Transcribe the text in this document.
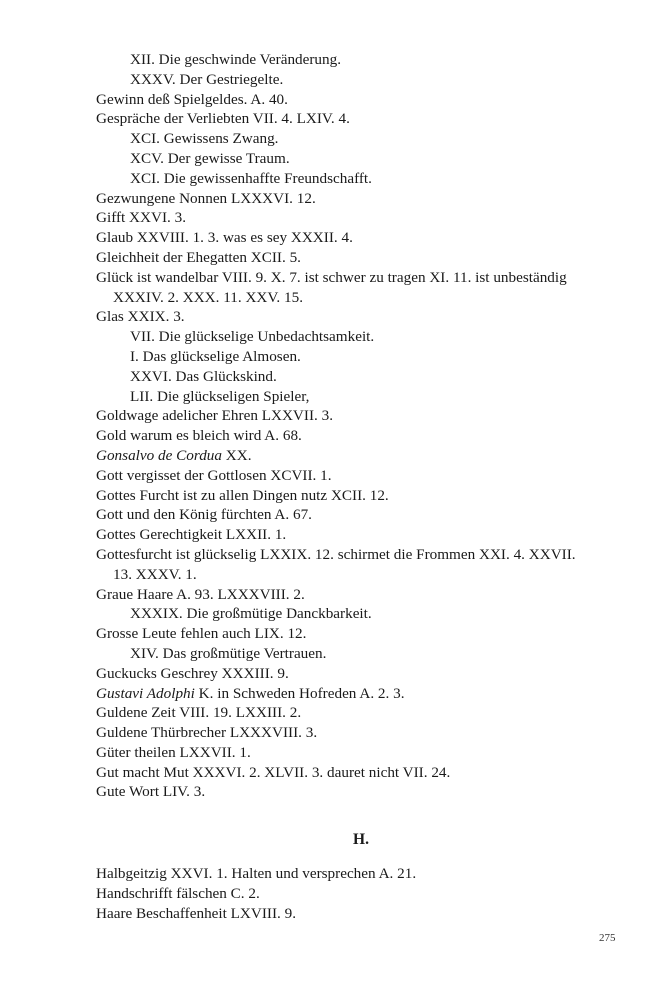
XII. Die geschwinde Veränderung.
XXXV. Der Gestriegelte.
Gewinn deß Spielgeldes. A. 40.
Gespräche der Verliebten VII. 4. LXIV. 4.
XCI. Gewissens Zwang.
XCV. Der gewisse Traum.
XCI. Die gewissenhaffte Freundschafft.
Gezwungene Nonnen LXXXVI. 12.
Gifft XXVI. 3.
Glaub XXVIII. 1. 3. was es sey XXXII. 4.
Gleichheit der Ehegatten XCII. 5.
Glück ist wandelbar VIII. 9. X. 7. ist schwer zu tragen XI. 11. ist unbeständig
XXXIV. 2. XXX. 11. XXV. 15.
Glas XXIX. 3.
VII. Die glückselige Unbedachtsamkeit.
I. Das glückselige Almosen.
XXVI. Das Glückskind.
LII. Die glückseligen Spieler,
Goldwage adelicher Ehren LXXVII. 3.
Gold warum es bleich wird A. 68.
Gonsalvo de Cordua XX.
Gott vergisset der Gottlosen XCVII. 1.
Gottes Furcht ist zu allen Dingen nutz XCII. 12.
Gott und den König fürchten A. 67.
Gottes Gerechtigkeit LXXII. 1.
Gottesfurcht ist glückselig LXXIX. 12. schirmet die Frommen XXI. 4. XXVII.
13. XXXV. 1.
Graue Haare A. 93. LXXXVIII. 2.
XXXIX. Die großmütige Danckbarkeit.
Grosse Leute fehlen auch LIX. 12.
XIV. Das großmütige Vertrauen.
Guckucks Geschrey XXXIII. 9.
Gustavi Adolphi K. in Schweden Hofreden A. 2. 3.
Guldene Zeit VIII. 19. LXXIII. 2.
Guldene Thürbrecher LXXXVIII. 3.
Güter theilen LXXVII. 1.
Gut macht Mut XXXVI. 2. XLVII. 3. dauret nicht VII. 24.
Gute Wort LIV. 3.
H.
Halbgeitzig XXVI. 1. Halten und versprechen A. 21.
Handschrifft fälschen C. 2.
Haare Beschaffenheit LXVIII. 9.
275
